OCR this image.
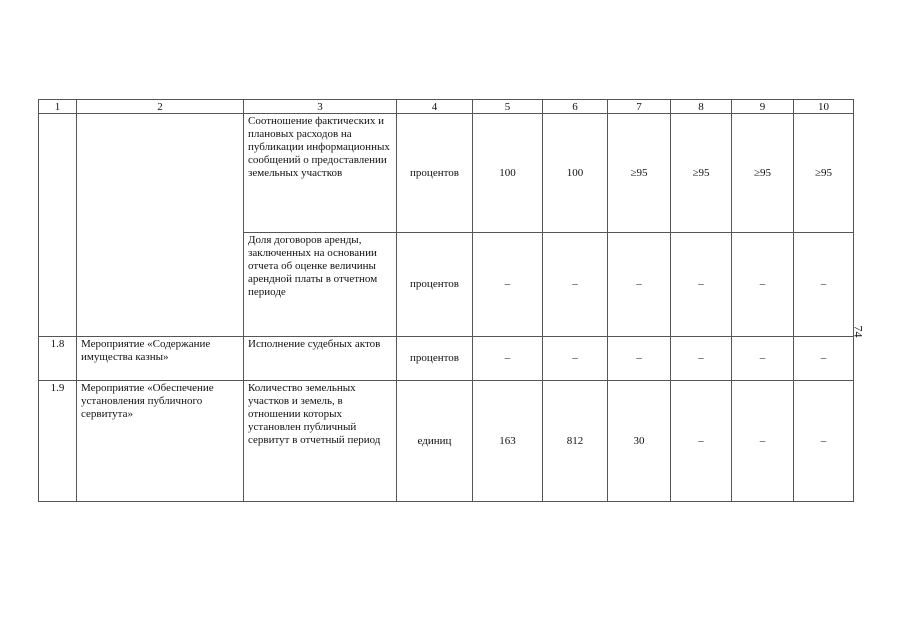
1	2	3	4	5	6	7	8	9	10
		Соотношение фактических и плановых расходов на публикации информационных сообщений о предоставлении земельных участков	процентов	100	100	≥95	≥95	≥95	≥95
		Доля договоров аренды, заключенных на основании отчета об оценке величины арендной платы в отчетном периоде	процентов	–	–	–	–	–	–
1.8	Мероприятие «Содержание имущества казны»	Исполнение судебных актов	процентов	–	–	–	–	–	–
1.9	Мероприятие «Обеспечение установления публичного сервитута»	Количество земельных участков и земель, в отношении которых установлен публичный сервитут в отчетный период	единиц	163	812	30	–	–	–
74
